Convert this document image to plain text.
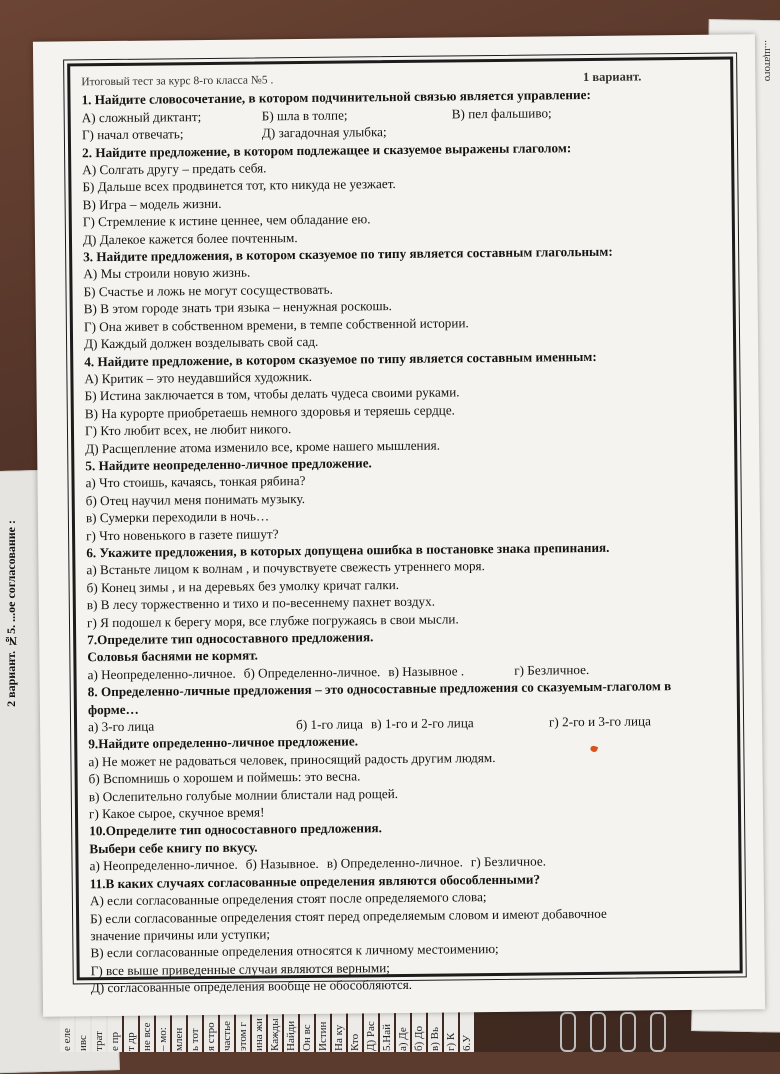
2 вариант. №5. ...ое согласование :
...щатого
е еле ивс трат е пр т др не все – мо: млен ь тот я стро частье этом г ина жи Кажды Найди Он вс Истин На ку Кто Д) Рас 5.Най а) Де б) До в) Вь г) К 6.У
Итоговый тест за курс 8-го класса №5 .	1 вариант.
1. Найдите словосочетание, в котором подчинительной связью является управление:
А) сложный диктант;	Б) шла в толпе;	В) пел фальшиво;
Г) начал отвечать;	Д) загадочная улыбка;
2. Найдите предложение, в котором подлежащее и сказуемое выражены глаголом:
А) Солгать другу – предать себя.
Б) Дальше всех продвинется тот, кто никуда не уезжает.
В) Игра – модель жизни.
Г) Стремление к истине ценнее, чем обладание ею.
Д) Далекое кажется более почтенным.
3. Найдите предложения, в котором сказуемое по типу является составным глагольным:
А) Мы строили новую жизнь.
Б) Счастье и ложь не могут сосуществовать.
В) В этом городе знать три языка – ненужная роскошь.
Г) Она живет в собственном времени, в темпе собственной истории.
Д) Каждый должен возделывать свой сад.
4. Найдите предложение, в котором сказуемое по типу является составным именным:
А) Критик – это неудавшийся художник.
Б) Истина заключается в том, чтобы делать чудеса своими руками.
В) На курорте приобретаешь немного здоровья и теряешь сердце.
Г) Кто любит всех, не любит никого.
Д) Расщепление атома изменило все, кроме нашего мышления.
5. Найдите неопределенно-личное предложение.
а) Что стоишь, качаясь, тонкая рябина?
б) Отец научил меня понимать музыку.
в) Сумерки переходили в ночь…
г) Что новенького в газете пишут?
6. Укажите предложения, в которых допущена ошибка в постановке знака препинания.
а) Встаньте лицом к волнам , и почувствуете свежесть утреннего моря.
б) Конец зимы , и на деревьях без умолку кричат галки.
в) В лесу торжественно и тихо и по-весеннему пахнет воздух.
г) Я подошел к берегу моря, все глубже погружаясь в свои мысли.
7.Определите тип односоставного предложения.
Соловья баснями не кормят.
а) Неопределенно-личное. б) Определенно-личное. в) Назывное .	г) Безличное.
8. Определенно-личные предложения – это односоставные предложения со сказуемым-глаголом в форме…
а) 3-го лица	б) 1-го лица в) 1-го и 2-го лица	г) 2-го и 3-го лица
9.Найдите определенно-личное предложение.
а) Не может не радоваться человек, приносящий радость другим людям.
б) Вспомнишь о хорошем и поймешь: это весна.
в) Ослепительно голубые молнии блистали над рощей.
г) Какое сырое, скучное время!
10.Определите тип односоставного предложения.
Выбери себе книгу по вкусу.
а) Неопределенно-личное. б) Назывное. в) Определенно-личное. г) Безличное.
11.В каких случаях согласованные определения являются обособленными?
А) если согласованные определения стоят после определяемого слова;
Б) если согласованные определения стоят перед определяемым словом и имеют добавочное
значение причины или уступки;
В) если согласованные определения относятся к личному местоимению;
Г) все выше приведенные случаи являются верными;
Д) согласованные определения вообще не обособляются.
